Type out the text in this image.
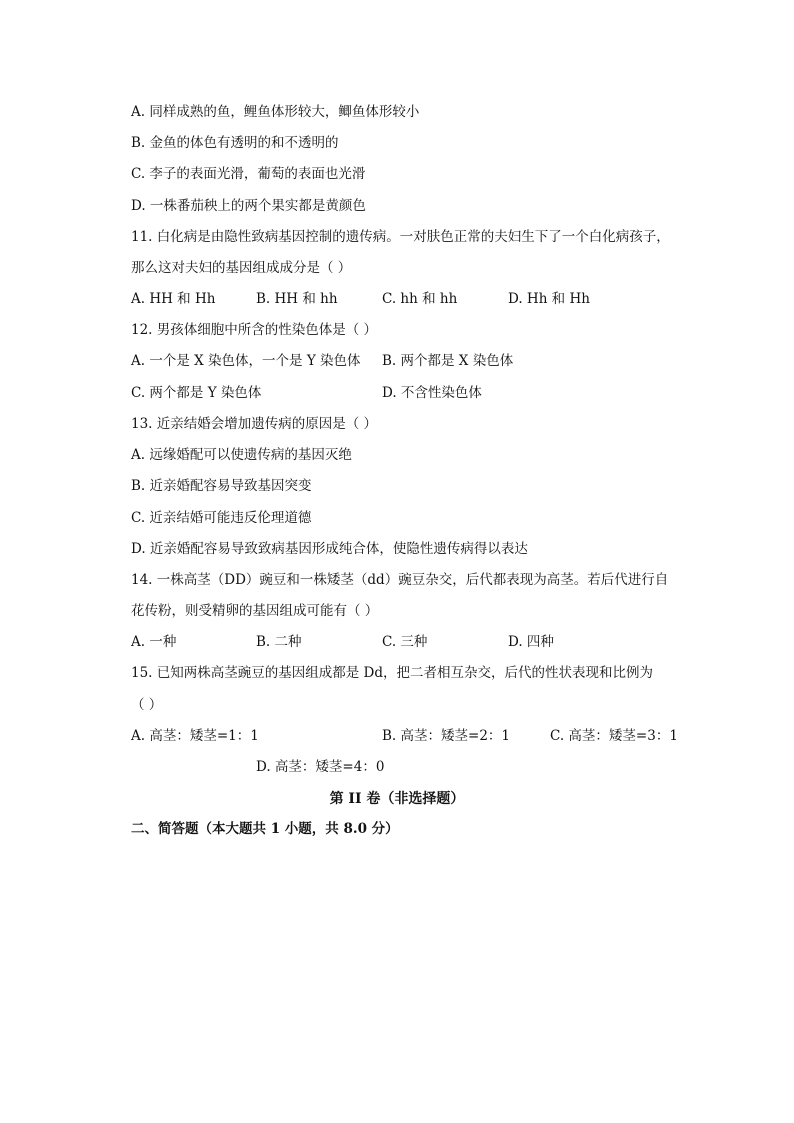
A. 同样成熟的鱼，鲤鱼体形较大，鲫鱼体形较小
B. 金鱼的体色有透明的和不透明的
C. 李子的表面光滑，葡萄的表面也光滑
D. 一株番茄秧上的两个果实都是黄颜色
11. 白化病是由隐性致病基因控制的遗传病。一对肤色正常的夫妇生下了一个白化病孩子，
那么这对夫妇的基因组成成分是（ ）
A. HH 和 Hh	B. HH 和 hh	C. hh 和 hh	D. Hh 和 Hh
12. 男孩体细胞中所含的性染色体是（ ）
A. 一个是 X 染色体，一个是 Y 染色体 B. 两个都是 X 染色体
C. 两个都是 Y 染色体	D. 不含性染色体
13. 近亲结婚会增加遗传病的原因是（ ）
A. 远缘婚配可以使遗传病的基因灭绝
B. 近亲婚配容易导致基因突变
C. 近亲结婚可能违反伦理道德
D. 近亲婚配容易导致致病基因形成纯合体，使隐性遗传病得以表达
14. 一株高茎（DD）豌豆和一株矮茎（dd）豌豆杂交，后代都表现为高茎。若后代进行自
花传粉，则受精卵的基因组成可能有（ ）
A. 一种	B. 二种	C. 三种	D. 四种
15. 已知两株高茎豌豆的基因组成都是 Dd，把二者相互杂交，后代的性状表现和比例为
（ ）
A. 高茎：矮茎=1：1	B. 高茎：矮茎=2：1	C. 高茎：矮茎=3：1
D. 高茎：矮茎=4：0
第 II 卷（非选择题）
二、简答题（本大题共 1 小题，共 8.0 分）
